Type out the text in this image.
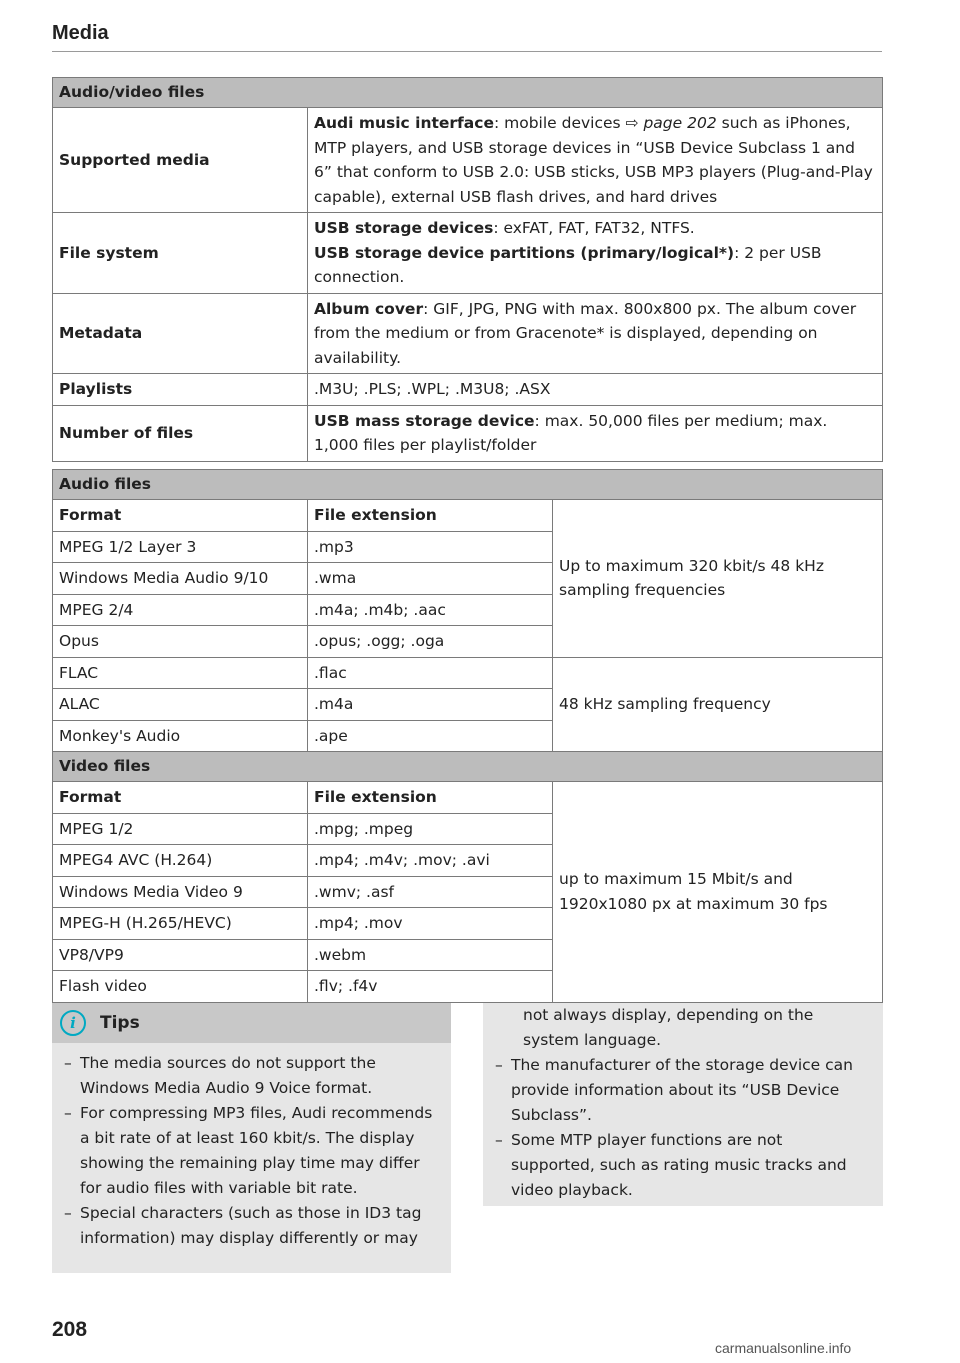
Media
Audio/video files	
Supported media	Audi music interface: mobile devices ⇨ page 202 such as iPhones, MTP players, and USB storage devices in “USB Device Subclass 1 and 6” that conform to USB 2.0: USB sticks, USB MP3 players (Plug-and-Play capable), external USB flash drives, and hard drives
File system	USB storage devices: exFAT, FAT, FAT32, NTFS.
USB storage device partitions (primary/logical*): 2 per USB connection.
Metadata	Album cover: GIF, JPG, PNG with max. 800x800 px. The album cover from the medium or from Gracenote* is displayed, depending on availability.
Playlists	.M3U; .PLS; .WPL; .M3U8; .ASX
Number of files	USB mass storage device: max. 50,000 files per medium; max. 1,000 files per playlist/folder
Audio files		
Format	File extension	Up to maximum 320 kbit/s 48 kHz sampling frequencies
MPEG 1/2 Layer 3	.mp3	
Windows Media Audio 9/10	.wma	
MPEG 2/4	.m4a; .m4b; .aac	
Opus	.opus; .ogg; .oga	
FLAC	.flac	48 kHz sampling frequency
ALAC	.m4a	
Monkey's Audio	.ape	
Video files		
Format	File extension	up to maximum 15 Mbit/s and 1920x1080 px at maximum 30 fps
MPEG 1/2	.mpg; .mpeg	
MPEG4 AVC (H.264)	.mp4; .m4v; .mov; .avi	
Windows Media Video 9	.wmv; .asf	
MPEG-H (H.265/HEVC)	.mp4; .mov	
VP8/VP9	.webm	
Flash video	.flv; .f4v	
i	Tips
– The media sources do not support the Windows Media Audio 9 Voice format.
– For compressing MP3 files, Audi recommends a bit rate of at least 160 kbit/s. The display showing the remaining play time may differ for audio files with variable bit rate.
– Special characters (such as those in ID3 tag information) may display differently or may
not always display, depending on the system language.
– The manufacturer of the storage device can provide information about its “USB Device Subclass”.
– Some MTP player functions are not supported, such as rating music tracks and video playback.
208
carmanualsonline.info
